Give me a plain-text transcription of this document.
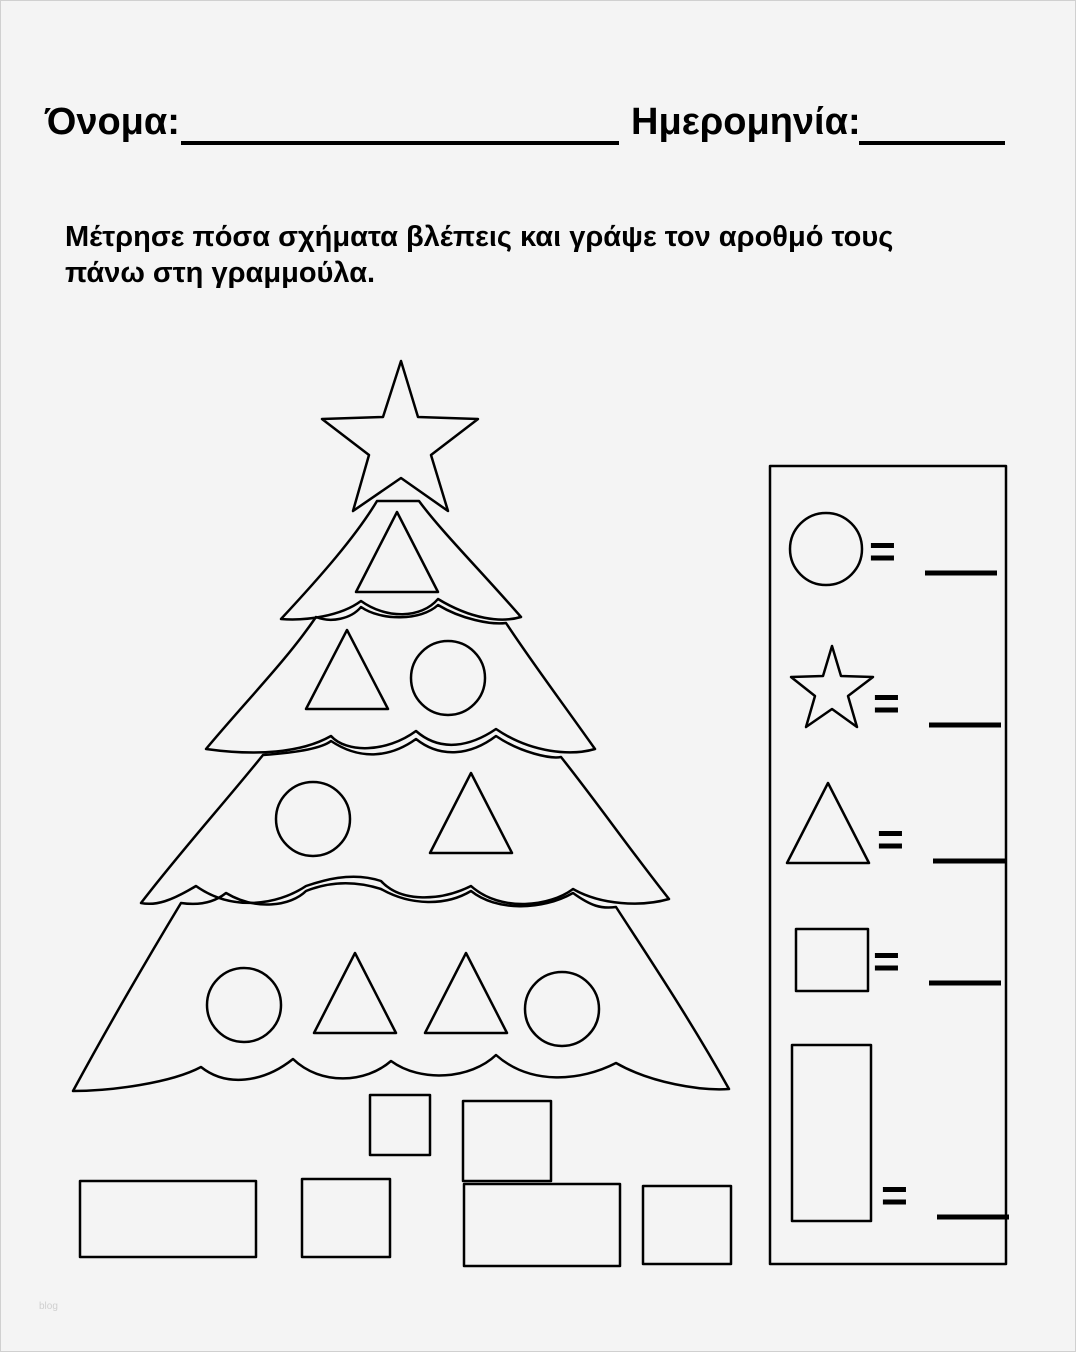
Όνομα:	Ημερομηνία:
Μέτρησε πόσα σχήματα βλέπεις και γράψε τον αροθμό τους
πάνω στη γραμμούλα.
=
=
=
=
=
blog
